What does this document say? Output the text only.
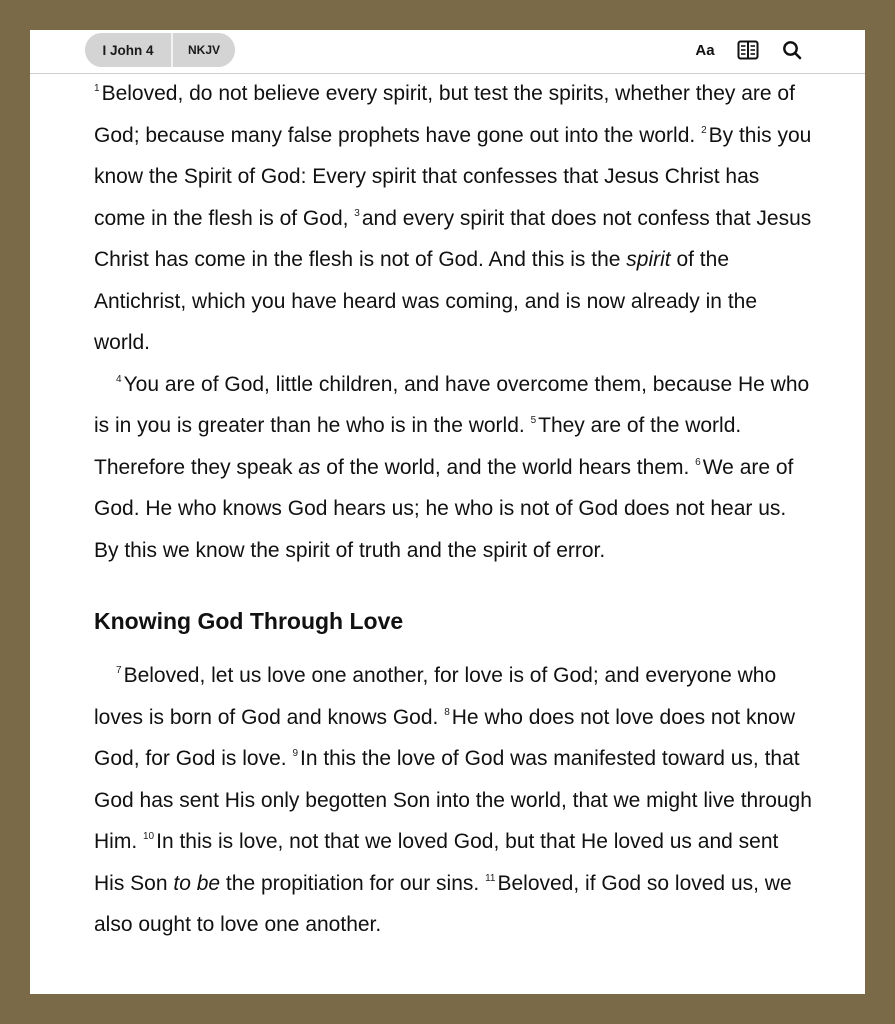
I John 4	NKJV	Aa

$^1$Beloved, do not believe every spirit, but test the spirits, whether they are of God; because many false prophets have gone out into the world. $^2$By this you know the Spirit of God: Every spirit that confesses that Jesus Christ has come in the flesh is of God, $^3$and every spirit that does not confess that Jesus Christ has come in the flesh is not of God. And this is the spirit of the Antichrist, which you have heard was coming, and is now already in the world.

$^4$You are of God, little children, and have overcome them, because He who is in you is greater than he who is in the world. $^5$They are of the world. Therefore they speak as of the world, and the world hears them. $^6$We are of God. He who knows God hears us; he who is not of God does not hear us. By this we know the spirit of truth and the spirit of error.

Knowing God Through Love

$^7$Beloved, let us love one another, for love is of God; and everyone who loves is born of God and knows God. $^8$He who does not love does not know God, for God is love. $^9$In this the love of God was manifested toward us, that God has sent His only begotten Son into the world, that we might live through Him. $^{10}$In this is love, not that we loved God, but that He loved us and sent His Son to be the propitiation for our sins. $^{11}$Beloved, if God so loved us, we also ought to love one another.
